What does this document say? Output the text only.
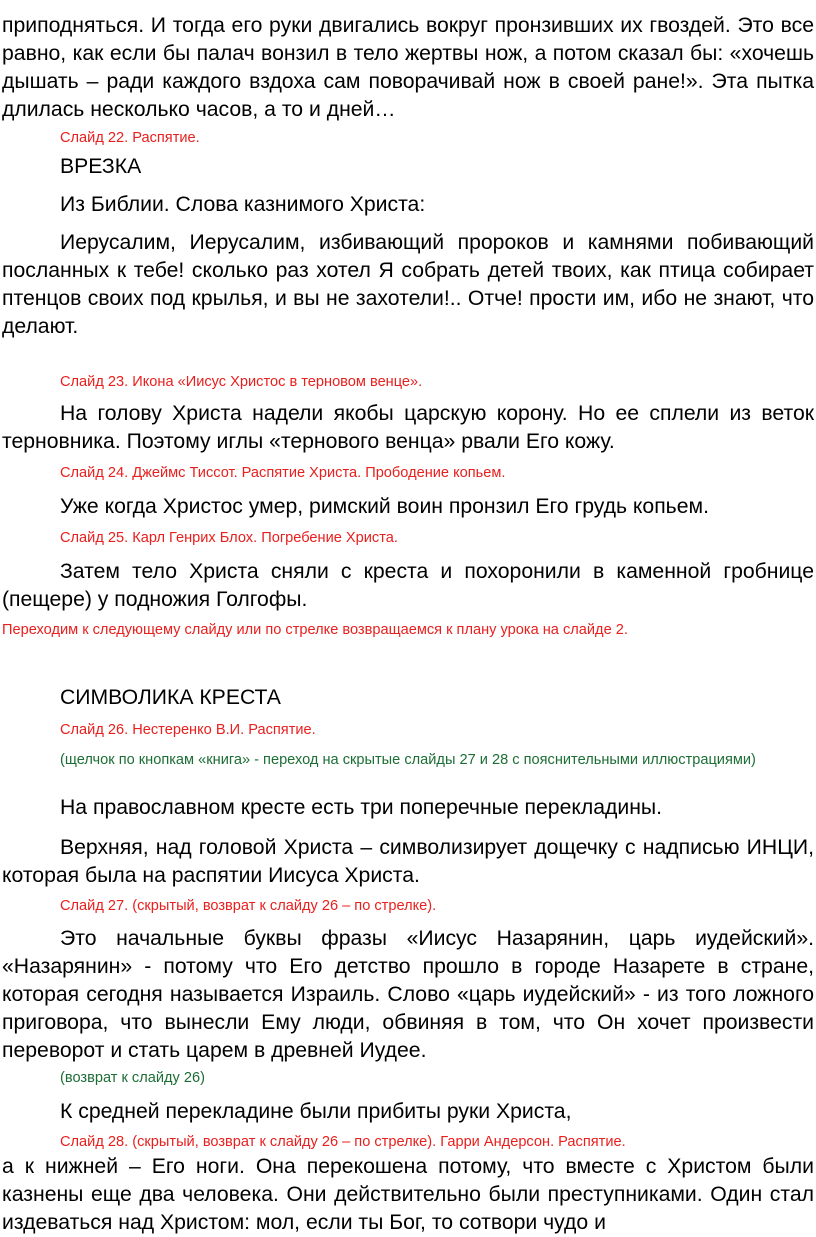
приподняться. И тогда его руки двигались вокруг пронзивших их гвоздей. Это все равно, как если бы палач вонзил в тело жертвы нож, а потом сказал бы: «хочешь дышать – ради каждого вздоха сам поворачивай нож в своей ране!». Эта пытка длилась несколько часов, а то и дней…

Слайд 22. Распятие.

ВРЕЗКА

Из Библии. Слова казнимого Христа:

Иерусалим, Иерусалим, избивающий пророков и камнями побивающий посланных к тебе! сколько раз хотел Я собрать детей твоих, как птица собирает птенцов своих под крылья, и вы не захотели!.. Отче! прости им, ибо не знают, что делают.

Слайд 23. Икона «Иисус Христос в терновом венце».

На голову Христа надели якобы царскую корону. Но ее сплели из веток терновника. Поэтому иглы «тернового венца» рвали Его кожу.

Слайд 24. Джеймс Тиссот. Распятие Христа. Прободение копьем.

Уже когда Христос умер, римский воин пронзил Его грудь копьем.

Слайд 25. Карл Генрих Блох. Погребение Христа.

Затем тело Христа сняли с креста и похоронили в каменной гробнице (пещере) у подножия Голгофы.

Переходим к следующему слайду или по стрелке возвращаемся к плану урока на слайде 2.

СИМВОЛИКА КРЕСТА

Слайд 26. Нестеренко В.И. Распятие.

(щелчок по кнопкам «книга» - переход на скрытые слайды 27 и 28 с пояснительными иллюстрациями)

На православном кресте есть три поперечные перекладины.

Верхняя, над головой Христа – символизирует дощечку с надписью ИНЦИ, которая была на распятии Иисуса Христа.

Слайд 27. (скрытый, возврат к слайду 26 – по стрелке).

Это начальные буквы фразы «Иисус Назарянин, царь иудейский». «Назарянин» - потому что Его детство прошло в городе Назарете в стране, которая сегодня называется Израиль. Слово «царь иудейский» - из того ложного приговора, что вынесли Ему люди, обвиняя в том, что Он хочет произвести переворот и стать царем в древней Иудее.

(возврат к слайду 26)

К средней перекладине были прибиты руки Христа,

Слайд 28. (скрытый, возврат к слайду 26 – по стрелке). Гарри Андерсон. Распятие.

а к нижней – Его ноги. Она перекошена потому, что вместе с Христом были казнены еще два человека. Они действительно были преступниками. Один стал издеваться над Христом: мол, если ты Бог, то сотвори чудо и
